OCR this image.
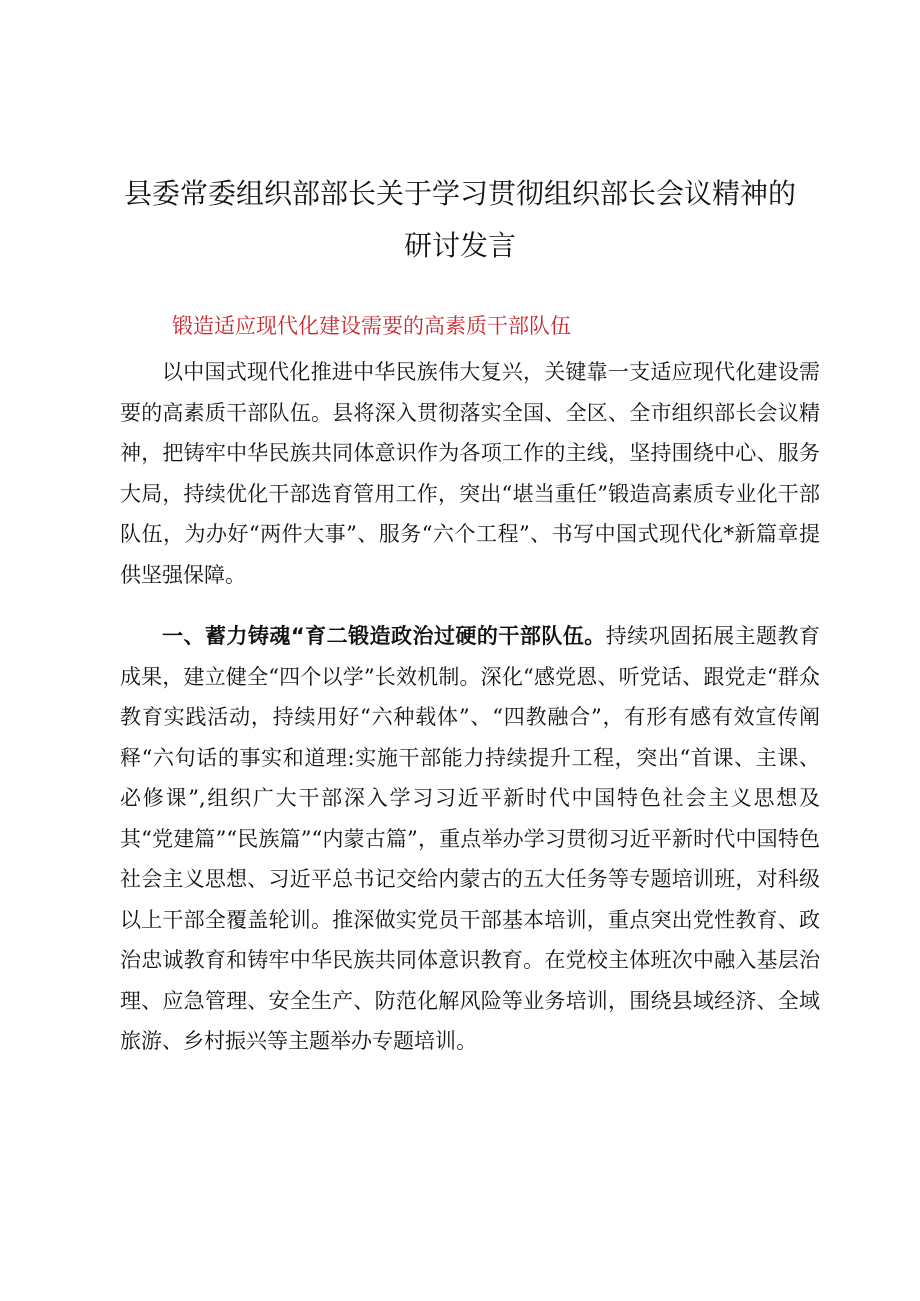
县委常委组织部部长关于学习贯彻组织部长会议精神的
研讨发言
锻造适应现代化建设需要的高素质干部队伍

以中国式现代化推进中华民族伟大复兴，关键靠一支适应现代化建设需要的高素质干部队伍。县将深入贯彻落实全国、全区、全市组织部长会议精神，把铸牢中华民族共同体意识作为各项工作的主线，坚持围绕中心、服务大局，持续优化干部选育管用工作，突出“堪当重任”锻造高素质专业化干部队伍，为办好“两件大事”、服务“六个工程”、书写中国式现代化*新篇章提供坚强保障。

一、蓄力铸魂“育二锻造政治过硬的干部队伍。持续巩固拓展主题教育成果，建立健全“四个以学”长效机制。深化“感党恩、听党话、跟党走“群众教育实践活动，持续用好“六种载体”、“四教融合”，有形有感有效宣传阐释“六句话的事实和道理:实施干部能力持续提升工程，突出“首课、主课、必修课”,组织广大干部深入学习习近平新时代中国特色社会主义思想及其“党建篇”“民族篇”“内蒙古篇”，重点举办学习贯彻习近平新时代中国特色社会主义思想、习近平总书记交给内蒙古的五大任务等专题培训班，对科级以上干部全覆盖轮训。推深做实党员干部基本培训，重点突出党性教育、政治忠诚教育和铸牢中华民族共同体意识教育。在党校主体班次中融入基层治理、应急管理、安全生产、防范化解风险等业务培训，围绕县域经济、全域旅游、乡村振兴等主题举办专题培训。
